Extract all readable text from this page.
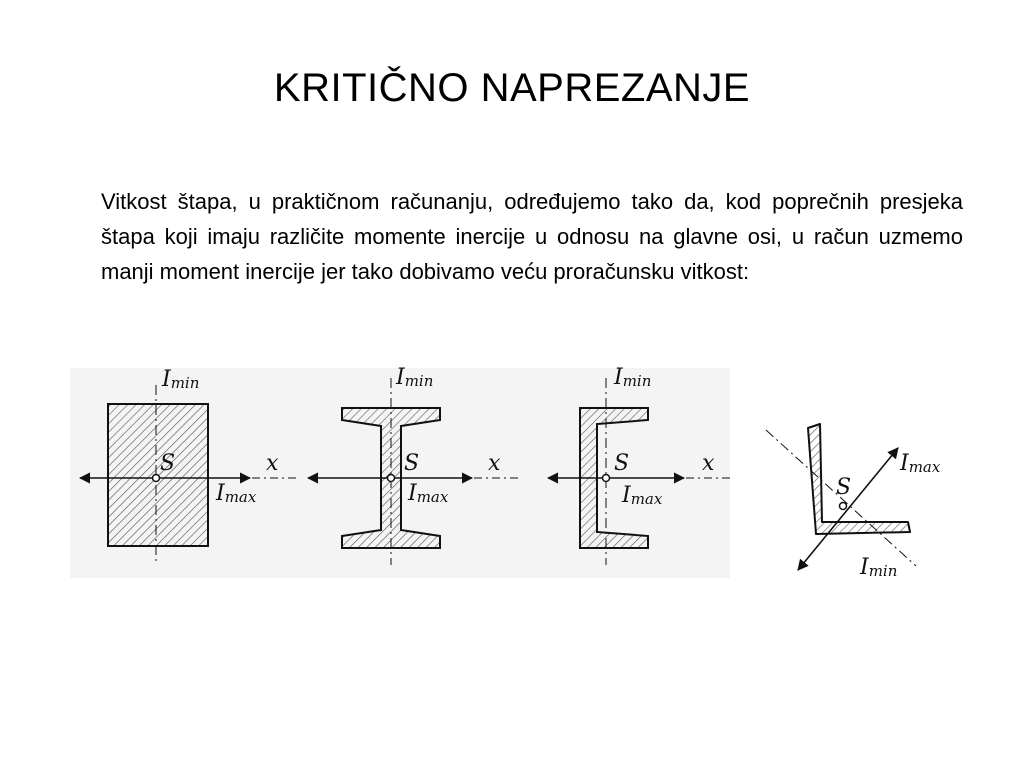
KRITIČNO NAPREZANJE
Vitkost štapa, u praktičnom računanju, određujemo tako da, kod poprečnih presjeka štapa koji imaju različite momente inercije u odnosu na glavne osi, u račun uzmemo manji moment inercije jer tako dobivamo veću proračunsku vitkost:
Imin
S	x
Imax
Imin
S	x
Imax
Imin
S	x
Imax
Imax
S
Imin
